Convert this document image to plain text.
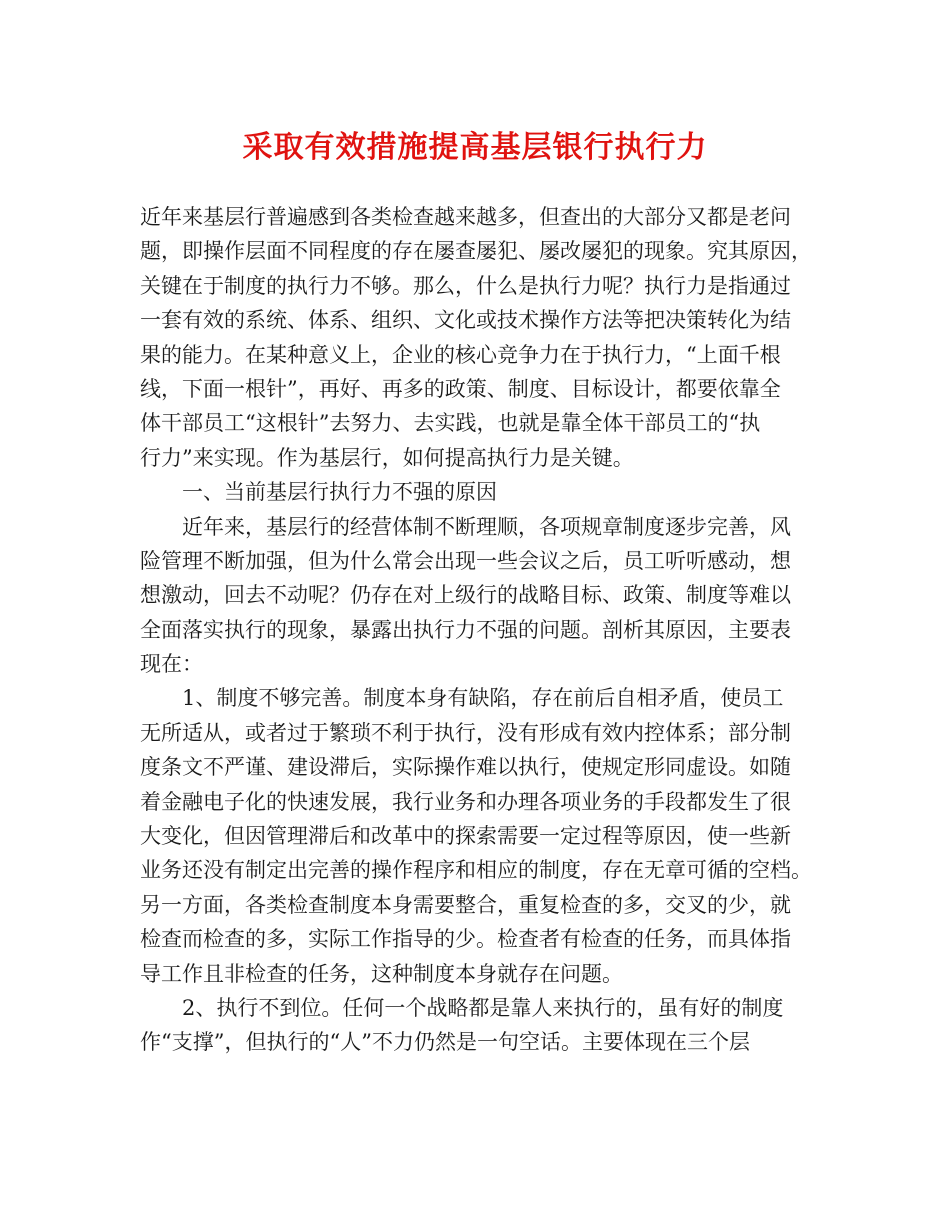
采取有效措施提高基层银行执行力
近年来基层行普遍感到各类检查越来越多，但查出的大部分又都是老问
题，即操作层面不同程度的存在屡查屡犯、屡改屡犯的现象。究其原因，
关键在于制度的执行力不够。那么，什么是执行力呢？执行力是指通过
一套有效的系统、体系、组织、文化或技术操作方法等把决策转化为结
果的能力。在某种意义上，企业的核心竞争力在于执行力，“上面千根
线，下面一根针”，再好、再多的政策、制度、目标设计，都要依靠全
体干部员工“这根针”去努力、去实践，也就是靠全体干部员工的“执
行力”来实现。作为基层行，如何提高执行力是关键。
一、当前基层行执行力不强的原因
近年来，基层行的经营体制不断理顺，各项规章制度逐步完善，风
险管理不断加强，但为什么常会出现一些会议之后，员工听听感动，想
想激动，回去不动呢？仍存在对上级行的战略目标、政策、制度等难以
全面落实执行的现象，暴露出执行力不强的问题。剖析其原因，主要表
现在：
1、制度不够完善。制度本身有缺陷，存在前后自相矛盾，使员工
无所适从，或者过于繁琐不利于执行，没有形成有效内控体系；部分制
度条文不严谨、建设滞后，实际操作难以执行，使规定形同虚设。如随
着金融电子化的快速发展，我行业务和办理各项业务的手段都发生了很
大变化，但因管理滞后和改革中的探索需要一定过程等原因，使一些新
业务还没有制定出完善的操作程序和相应的制度，存在无章可循的空档。
另一方面，各类检查制度本身需要整合，重复检查的多，交叉的少，就
检查而检查的多，实际工作指导的少。检查者有检查的任务，而具体指
导工作且非检查的任务，这种制度本身就存在问题。
2、执行不到位。任何一个战略都是靠人来执行的，虽有好的制度
作“支撑”，但执行的“人”不力仍然是一句空话。主要体现在三个层
